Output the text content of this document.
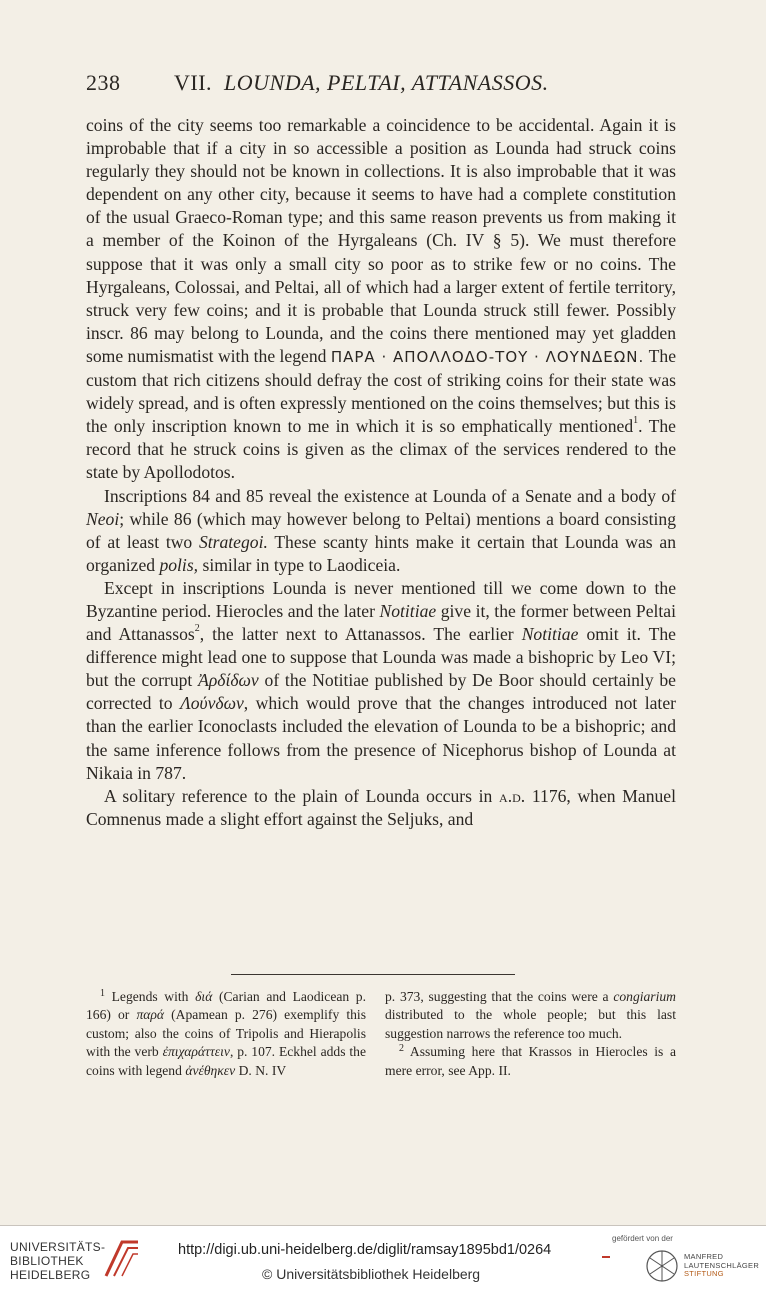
238 VII. LOUNDA, PELTAI, ATTANASSOS.

coins of the city seems too remarkable a coincidence to be accidental. Again it is improbable that if a city in so accessible a position as Lounda had struck coins regularly they should not be known in collections. It is also improbable that it was dependent on any other city, because it seems to have had a complete constitution of the usual Graeco-Roman type; and this same reason prevents us from making it a member of the Koinon of the Hyrgaleans (Ch. IV § 5). We must therefore suppose that it was only a small city so poor as to strike few or no coins. The Hyrgaleans, Colossai, and Peltai, all of which had a larger extent of fertile territory, struck very few coins; and it is probable that Lounda struck still fewer. Possibly inscr. 86 may belong to Lounda, and the coins there mentioned may yet gladden some numismatist with the legend ΠΑΡΑ · ΑΠΟΛΛΟΔΟ-ΤΟΥ · ΛΟΥΝΔΕΩΝ. The custom that rich citizens should defray the cost of striking coins for their state was widely spread, and is often expressly mentioned on the coins themselves; but this is the only inscription known to me in which it is so emphatically mentioned$^1$. The record that he struck coins is given as the climax of the services rendered to the state by Apollodotos.

Inscriptions 84 and 85 reveal the existence at Lounda of a Senate and a body of Neoi; while 86 (which may however belong to Peltai) mentions a board consisting of at least two Strategoi. These scanty hints make it certain that Lounda was an organized polis, similar in type to Laodiceia.

Except in inscriptions Lounda is never mentioned till we come down to the Byzantine period. Hierocles and the later Notitiae give it, the former between Peltai and Attanassos$^2$, the latter next to Attanassos. The earlier Notitiae omit it. The difference might lead one to suppose that Lounda was made a bishopric by Leo VI; but the corrupt Ἀρδίδων of the Notitiae published by De Boor should certainly be corrected to Λούνδων, which would prove that the changes introduced not later than the earlier Iconoclasts included the elevation of Lounda to be a bishopric; and the same inference follows from the presence of Nicephorus bishop of Lounda at Nikaia in 787.

A solitary reference to the plain of Lounda occurs in a.d. 1176, when Manuel Comnenus made a slight effort against the Seljuks, and

$^1$ Legends with διά (Carian and Laodicean p. 166) or παρά (Apamean p. 276) exemplify this custom; also the coins of Tripolis and Hierapolis with the verb ἐπιχαράττειν, p. 107. Eckhel adds the coins with legend ἀνέθηκεν D. N. IV

p. 373, suggesting that the coins were a congiarium distributed to the whole people; but this last suggestion narrows the reference too much.

$^2$ Assuming here that Krassos in Hierocles is a mere error, see App. II.

UNIVERSITÄTS-
BIBLIOTHEK
HEIDELBERG
http://digi.ub.uni-heidelberg.de/diglit/ramsay1895bd1/0264
© Universitätsbibliothek Heidelberg
gefördert von der
MANFRED
LAUTENSCHLÄGER
STIFTUNG
